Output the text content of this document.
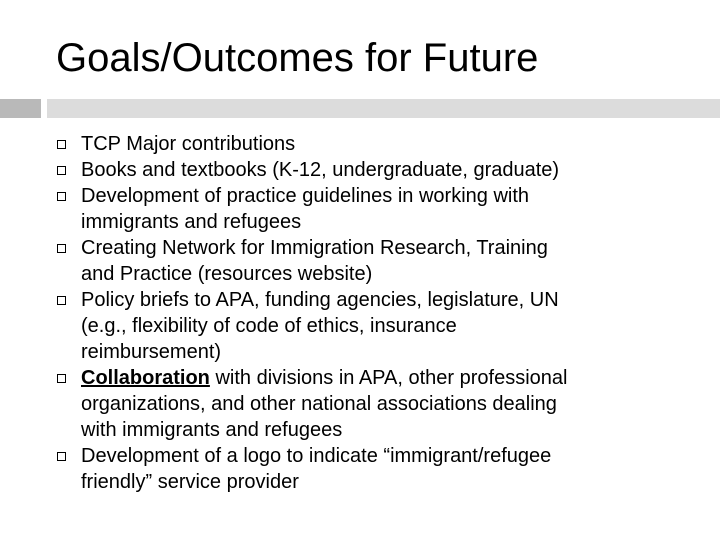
Goals/Outcomes for Future
TCP Major contributions
Books and textbooks (K-12, undergraduate, graduate)
Development of practice guidelines in working with
immigrants and refugees
Creating Network for Immigration Research, Training
and Practice (resources website)
Policy briefs to APA, funding agencies, legislature, UN
(e.g., flexibility of code of ethics, insurance
reimbursement)
Collaboration with divisions in APA, other professional
organizations, and other national associations dealing
with immigrants and refugees
Development of a logo to indicate “immigrant/refugee
friendly” service provider
